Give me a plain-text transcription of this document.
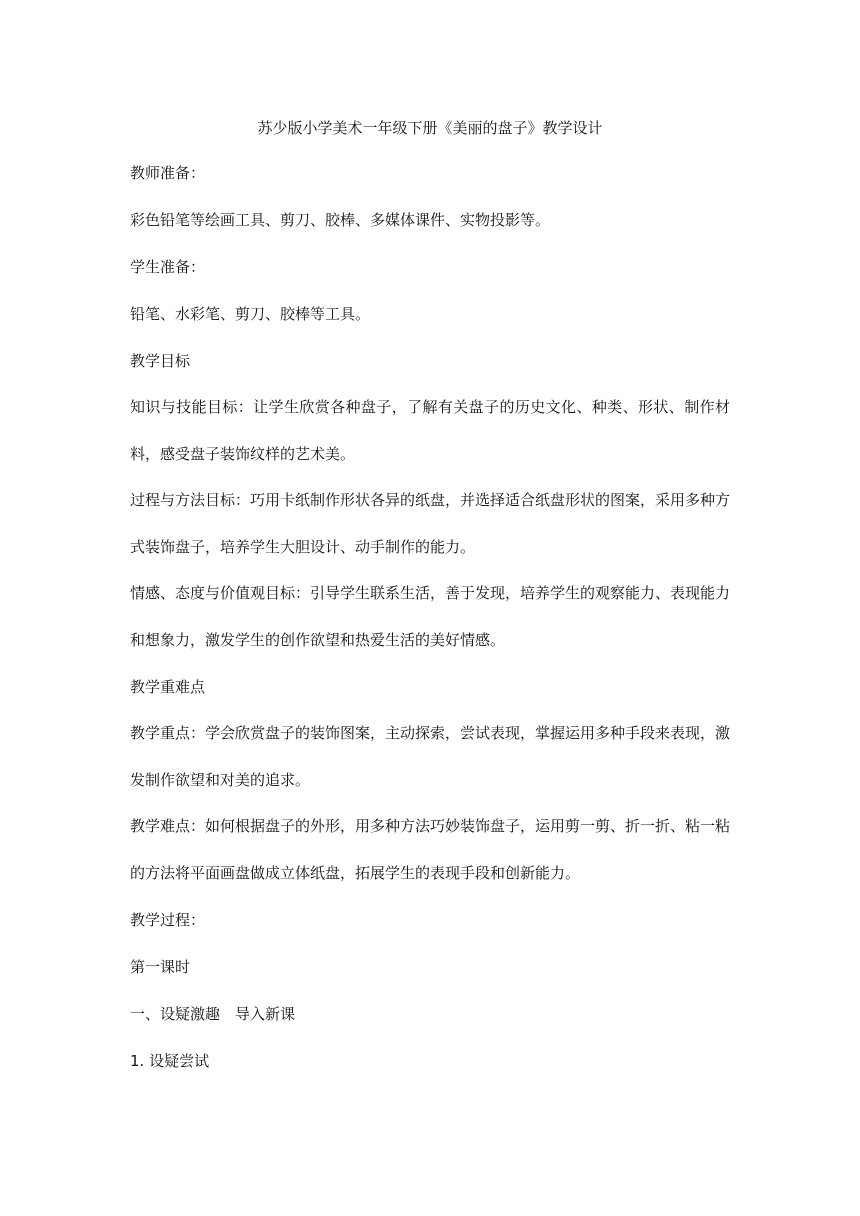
苏少版小学美术一年级下册《美丽的盘子》教学设计

教师准备：

彩色铅笔等绘画工具、剪刀、胶棒、多媒体课件、实物投影等。

学生准备：

铅笔、水彩笔、剪刀、胶棒等工具。

教学目标

知识与技能目标：让学生欣赏各种盘子，了解有关盘子的历史文化、种类、形状、制作材料，感受盘子装饰纹样的艺术美。

过程与方法目标：巧用卡纸制作形状各异的纸盘，并选择适合纸盘形状的图案，采用多种方式装饰盘子，培养学生大胆设计、动手制作的能力。

情感、态度与价值观目标：引导学生联系生活，善于发现，培养学生的观察能力、表现能力和想象力，激发学生的创作欲望和热爱生活的美好情感。

教学重难点

教学重点：学会欣赏盘子的装饰图案，主动探索，尝试表现，掌握运用多种手段来表现，激发制作欲望和对美的追求。

教学难点：如何根据盘子的外形，用多种方法巧妙装饰盘子，运用剪一剪、折一折、粘一粘的方法将平面画盘做成立体纸盘，拓展学生的表现手段和创新能力。

教学过程：

第一课时

一、设疑激趣　导入新课

1. 设疑尝试
